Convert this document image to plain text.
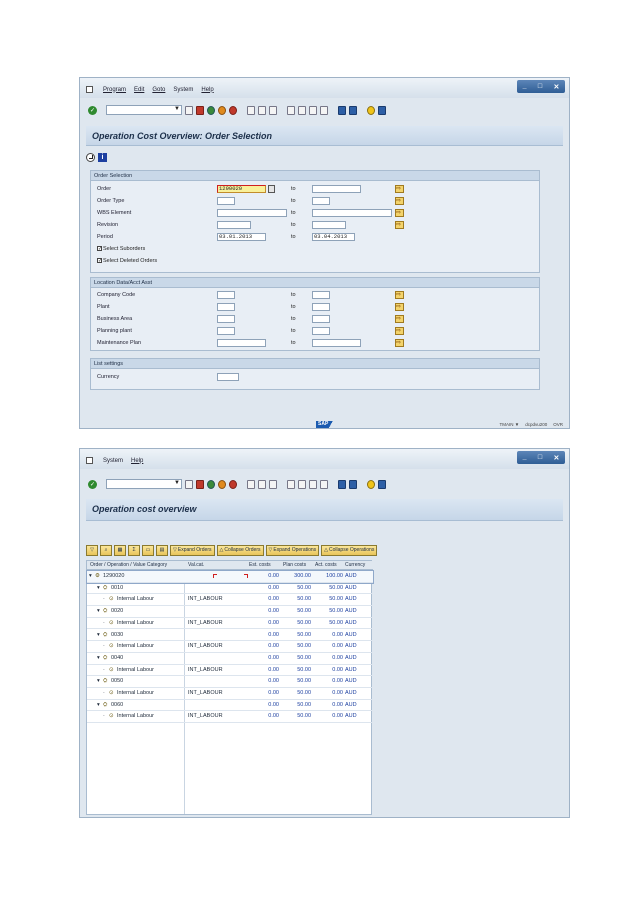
Program Edit Goto System Help	_ □ ✕
✓	▼
Operation Cost Overview: Order Selection
i
Order Selection
Order	1290020	to
⇨
Order Type	to
⇨
WBS Element	to
⇨
Revision	to
⇨
Period	03.01.2013	to	03.04.2013
✓ Select Suborders
✓ Select Deleted Orders
Location Data/Acct Asst
Company Code	to
⇨
Plant	to
⇨
Business Area	to
⇨
Planning plant	to
⇨
Maintenance Plan	to
⇨
List settings
Currency
SAP	TMAIN ▼ dcpdvu200 OVR
System Help	_ □ ✕
✓	▼
Operation cost overview
▽	⌕	▦	Σ	▭	▤	▽ Expand Orders △ Collapse Orders ▽ Expand Operations △ Collapse Operations
Order / Operation / Value Category	Val.cat.	Est. costs Plan costs Act. costs Currency
▾ ⚙ 1290020	0.00	300.00	100.00 AUD
▾ ⛭ 0010	0.00	50.00	50.00 AUD
· ⊙ Internal Labour	INT_LABOUR	0.00	50.00	50.00 AUD
▾ ⛭ 0020	0.00	50.00	50.00 AUD
· ⊙ Internal Labour	INT_LABOUR	0.00	50.00	50.00 AUD
▾ ⛭ 0030	0.00	50.00	0.00 AUD
· ⊙ Internal Labour	INT_LABOUR	0.00	50.00	0.00 AUD
▾ ⛭ 0040	0.00	50.00	0.00 AUD
· ⊙ Internal Labour	INT_LABOUR	0.00	50.00	0.00 AUD
▾ ⛭ 0050	0.00	50.00	0.00 AUD
· ⊙ Internal Labour	INT_LABOUR	0.00	50.00	0.00 AUD
▾ ⛭ 0060	0.00	50.00	0.00 AUD
· ⊙ Internal Labour	INT_LABOUR	0.00	50.00	0.00 AUD
